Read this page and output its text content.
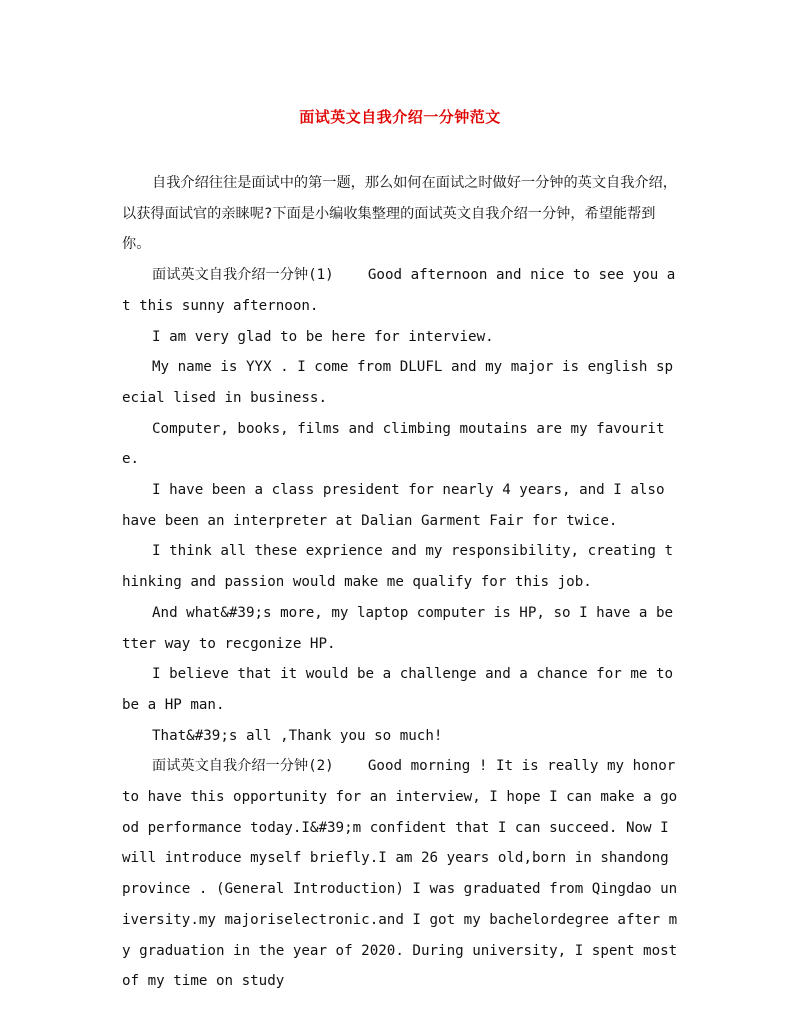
面试英文自我介绍一分钟范文

自我介绍往往是面试中的第一题，那么如何在面试之时做好一分钟的英文自我介绍，以获得面试官的亲睐呢?下面是小编收集整理的面试英文自我介绍一分钟，希望能帮到你。

面试英文自我介绍一分钟(1)    Good afternoon and nice to see you at this sunny afternoon.

I am very glad to be here for interview.

My name is YYX . I come from DLUFL and my major is english special lised in business.

Computer, books, films and climbing moutains are my favourite.

I have been a class president for nearly 4 years, and I also have been an interpreter at Dalian Garment Fair for twice.

I think all these exprience and my responsibility, creating thinking and passion would make me qualify for this job.

And what&#39;s more, my laptop computer is HP, so I have a better way to recgonize HP.

I believe that it would be a challenge and a chance for me to be a HP man.

That&#39;s all ,Thank you so much!

面试英文自我介绍一分钟(2)    Good morning ! It is really my honor to have this opportunity for an interview, I hope I can make a good performance today.I&#39;m confident that I can succeed. Now I will introduce myself briefly.I am 26 years old,born in shandong province . (General Introduction) I was graduated from Qingdao university.my majoriselectronic.and I got my bachelordegree after my graduation in the year of 2020. During university, I spent most of my time on study
